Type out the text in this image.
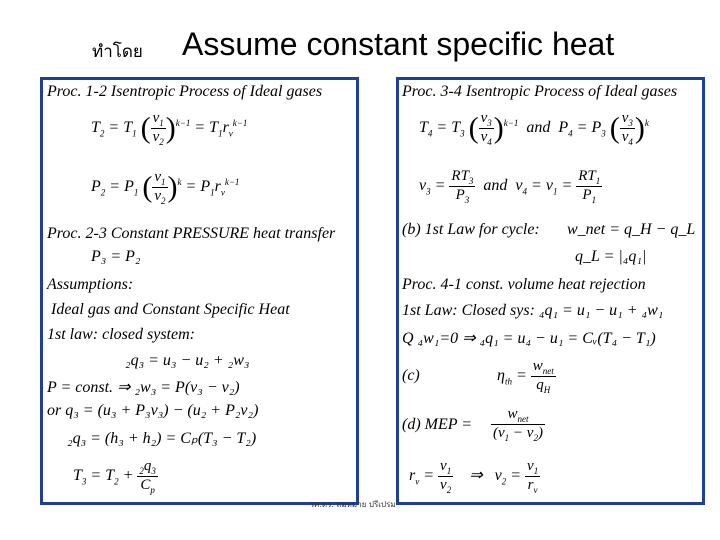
ทำโดย Assume constant specific heat
Proc. 1-2 Isentropic Process of Ideal gases
$T_2 = T_1$ ( $\frac{v_1}{v_2} )^{k-1} = T_1r_v^{k-1}$
$P_2 = P_1$ ( $\frac{v_1}{v_2} )^k = P_1r_v^{k-1}$
Proc. 2-3 Constant PRESSURE heat transfer
P₃ = P₂
Assumptions:
Ideal gas and Constant Specific Heat
1st law: closed system:
₂q₃ = u₃ − u₂ + ₂w₃
P = const. ⇒ ₂w₃ = P(v₃ − v₂)
or q₃ = (u₃ + P₃v₃) − (u₂ + P₂v₂)
₂q₃ = (h₃ + h₂) = Cₚ(T₃ − T₂)
$T_3 = T_2 + \frac{_2q_3}{C_p}$
Proc. 3-4 Isentropic Process of Ideal gases
$T_4 = T_3$ ( $\frac{v_3}{v_4} )^{k-1}$  and  $P_4 = P_3$ ( $\frac{v_3}{v_4} )^k$
$v_3 = \frac{RT_3}{P_3}$ and  $v_4 = v_1 = \frac{RT_1}{P_1}$
(b) 1st Law for cycle: w_net = q_H − q_L
q_L = |₄q₁|
Proc. 4-1 const. volume heat rejection
1st Law: Closed sys: ₄q₁ = u₁ − u₁ + ₄w₁
Q ₄w₁=0 ⇒ ₄q₁ = u₄ − u₁ = Cᵥ(T₄ − T₁)
(c)	$\eta_{th} = \frac{w_{net}}{q_H}$
(d) MEP = $\frac{w_{net}}{(v_1 - v_2)}$
$r_v = \frac{v_1}{v_2}$ ⇒   $v_2 = \frac{v_1}{r_v}$
รศ.ดร. สมหมาย ปรีเปรม
